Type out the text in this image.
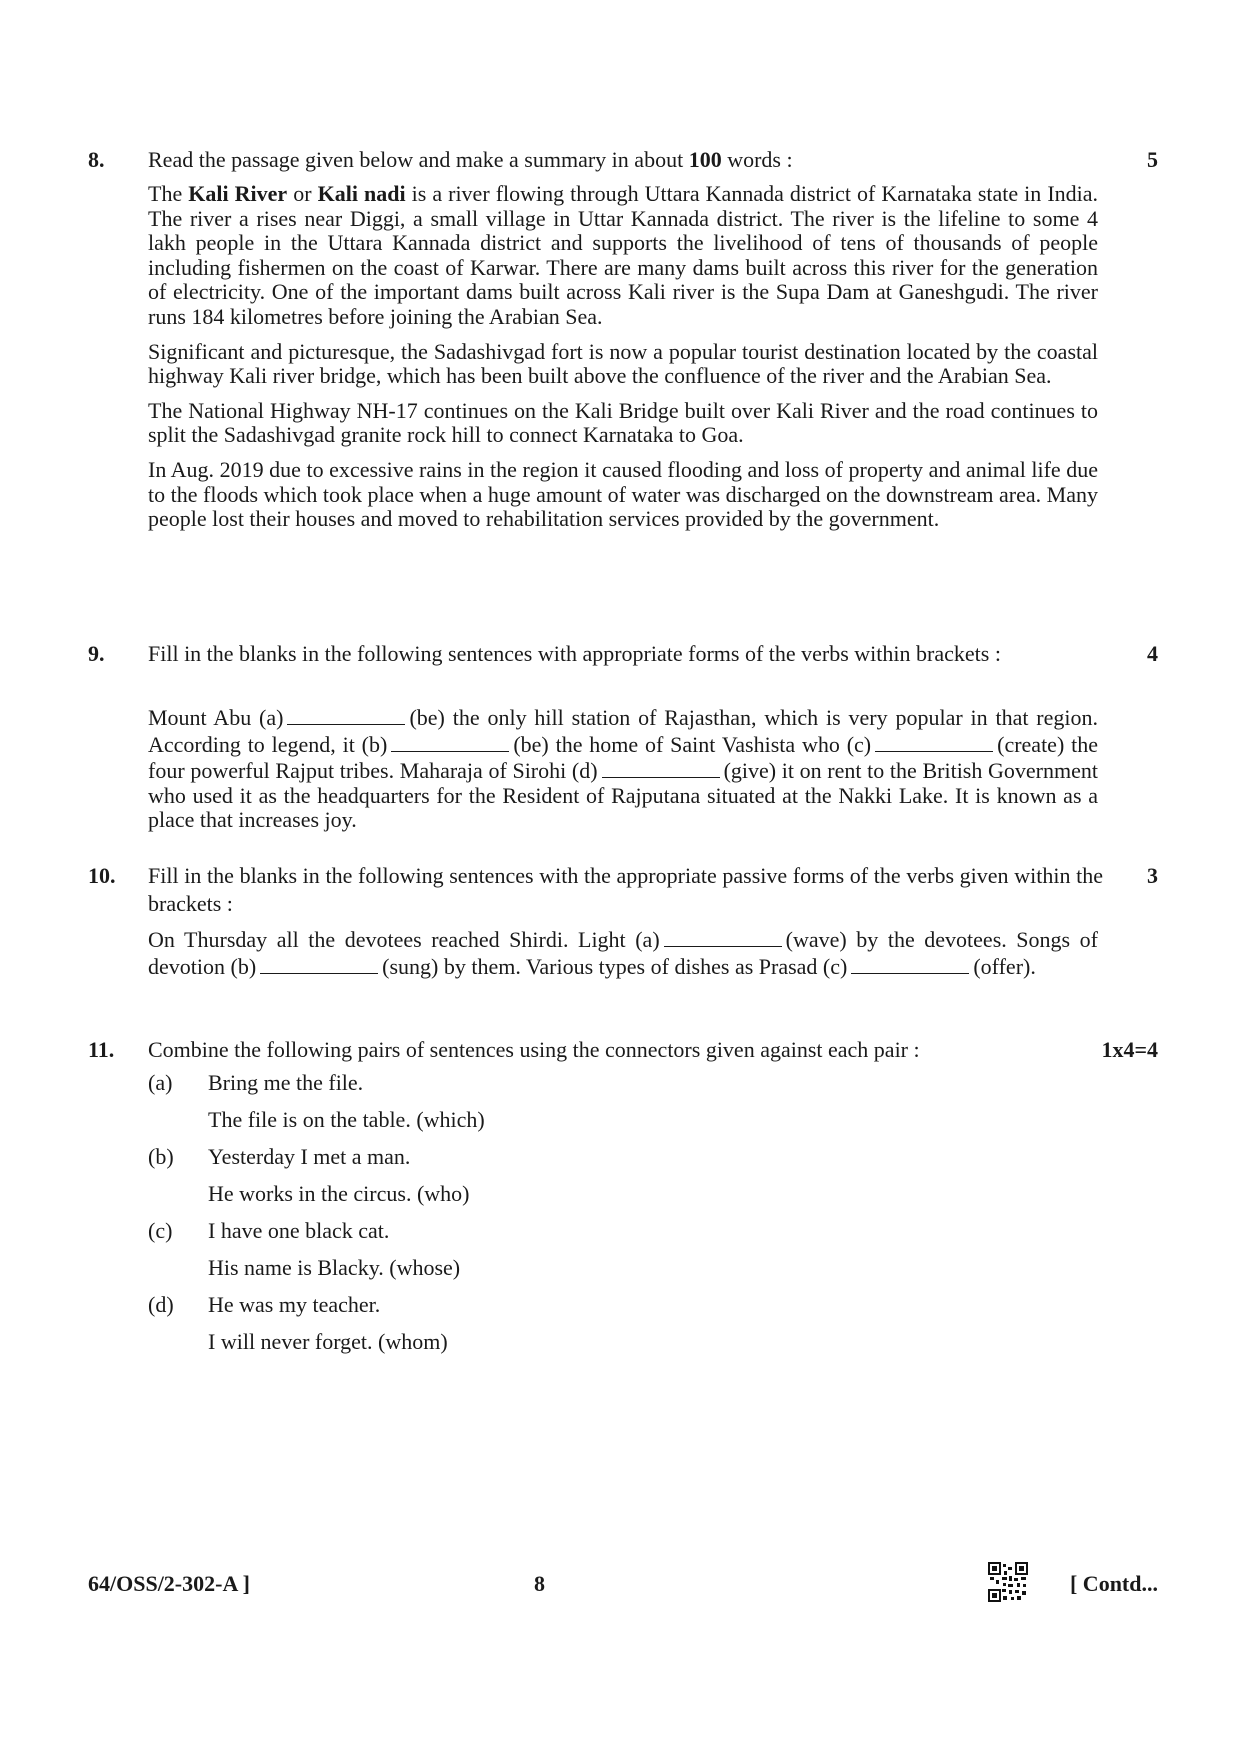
8. Read the passage given below and make a summary in about 100 words :	5

The Kali River or Kali nadi is a river flowing through Uttara Kannada district of Karnataka state in India. The river a rises near Diggi, a small village in Uttar Kannada district. The river is the lifeline to some 4 lakh people in the Uttara Kannada district and supports the livelihood of tens of thousands of people including fishermen on the coast of Karwar. There are many dams built across this river for the generation of electricity. One of the important dams built across Kali river is the Supa Dam at Ganeshgudi. The river runs 184 kilometres before joining the Arabian Sea.

Significant and picturesque, the Sadashivgad fort is now a popular tourist destination located by the coastal highway Kali river bridge, which has been built above the confluence of the river and the Arabian Sea.

The National Highway NH-17 continues on the Kali Bridge built over Kali River and the road continues to split the Sadashivgad granite rock hill to connect Karnataka to Goa.

In Aug. 2019 due to excessive rains in the region it caused flooding and loss of property and animal life due to the floods which took place when a huge amount of water was discharged on the downstream area. Many people lost their houses and moved to rehabilitation services provided by the government.

9. Fill in the blanks in the following sentences with appropriate forms of the verbs within brackets :	4

Mount Abu (a)	(be) the only hill station of Rajasthan, which is very popular in that region. According to legend, it (b)	(be) the home of Saint Vashista who (c)	(create) the four powerful Rajput tribes. Maharaja of Sirohi (d)	(give) it on rent to the British Government who used it as the headquarters for the Resident of Rajputana situated at the Nakki Lake. It is known as a place that increases joy.

10. Fill in the blanks in the following sentences with the appropriate passive forms of the verbs given within the brackets :
3

On Thursday all the devotees reached Shirdi. Light (a)	(wave) by the devotees. Songs of devotion (b)	(sung) by them. Various types of dishes as Prasad (c)	(offer).

11. Combine the following pairs of sentences using the connectors given against each pair :	1x4=4
(a) Bring me the file.
The file is on the table. (which)
(b) Yesterday I met a man.
He works in the circus. (who)
(c) I have one black cat.
His name is Blacky. (whose)
(d) He was my teacher.
I will never forget. (whom)
64/OSS/2-302-A ]	8	[ Contd...
